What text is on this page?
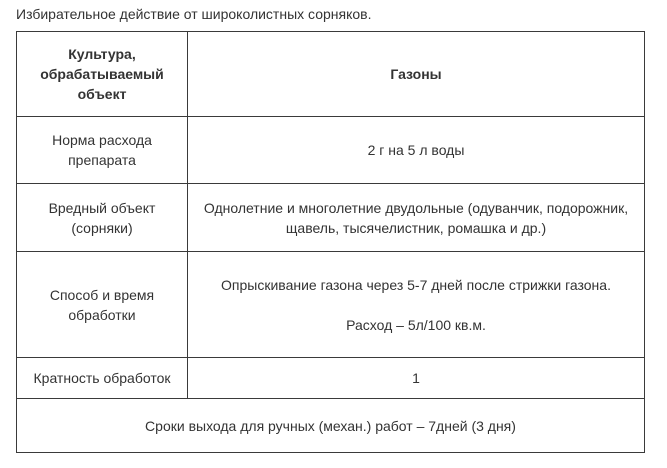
Избирательное действие от широколистных сорняков.
Культура,
обрабатываемый
объект	Газоны

Норма расхода
препарата	2 г на 5 л воды

Вредный объект
(сорняки)	Однолетние и многолетние двудольные (одуванчик, подорожник,
щавель, тысячелистник, ромашка и др.)

Способ и время
обработки	Опрыскивание газона через 5-7 дней после стрижки газона.
Расход – 5л/100 кв.м.

Кратность обработок	1

Сроки выхода для ручных (механ.) работ – 7дней (3 дня)	
